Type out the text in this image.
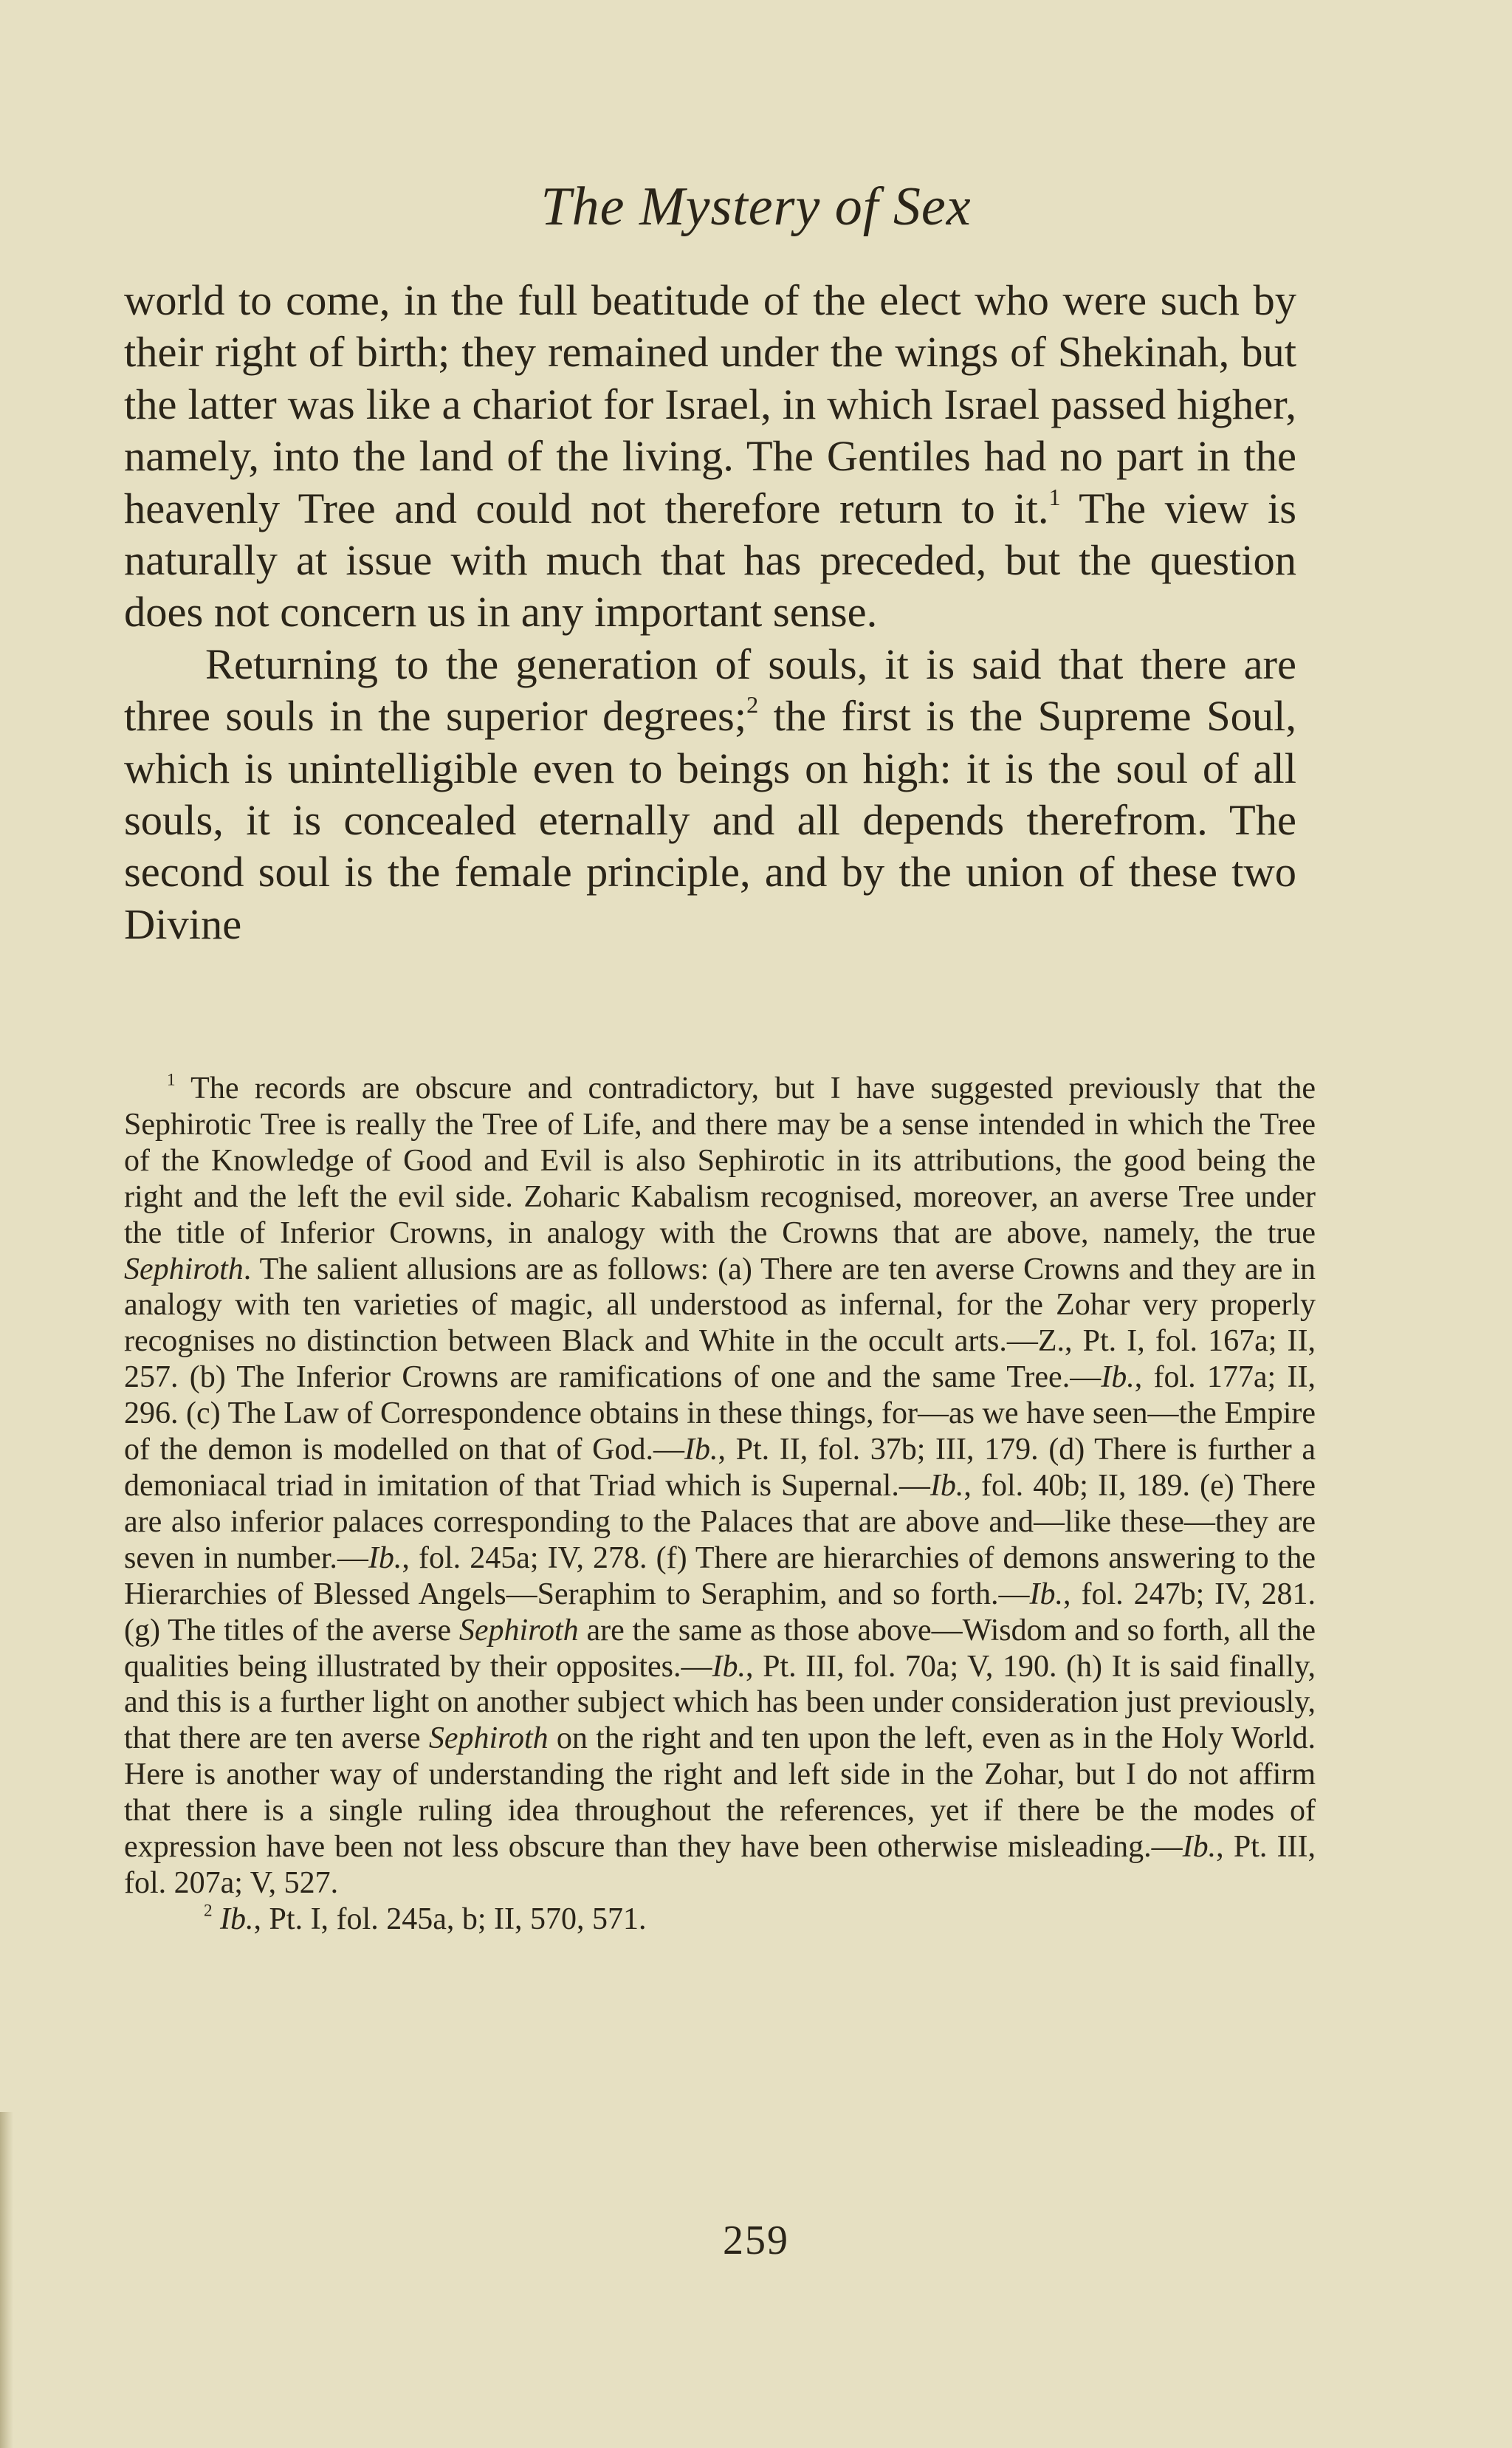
The Mystery of Sex

world to come, in the full beatitude of the elect who were such by their right of birth; they remained under the wings of Shekinah, but the latter was like a chariot for Israel, in which Israel passed higher, namely, into the land of the living. The Gentiles had no part in the heavenly Tree and could not therefore return to it.$^1$ The view is naturally at issue with much that has preceded, but the question does not concern us in any important sense.

Returning to the generation of souls, it is said that there are three souls in the superior degrees;$^2$ the first is the Supreme Soul, which is unintelligible even to beings on high: it is the soul of all souls, it is concealed eternally and all depends therefrom. The second soul is the female principle, and by the union of these two Divine

$^1$ The records are obscure and contradictory, but I have suggested previously that the Sephirotic Tree is really the Tree of Life, and there may be a sense intended in which the Tree of the Knowledge of Good and Evil is also Sephirotic in its attributions, the good being the right and the left the evil side. Zoharic Kabalism recognised, moreover, an averse Tree under the title of Inferior Crowns, in analogy with the Crowns that are above, namely, the true Sephiroth. The salient allusions are as follows: (a) There are ten averse Crowns and they are in analogy with ten varieties of magic, all understood as infernal, for the Zohar very properly recognises no distinction between Black and White in the occult arts.—Z., Pt. I, fol. 167a; II, 257. (b) The Inferior Crowns are ramifications of one and the same Tree.—Ib., fol. 177a; II, 296. (c) The Law of Correspondence obtains in these things, for—as we have seen—the Empire of the demon is modelled on that of God.—Ib., Pt. II, fol. 37b; III, 179. (d) There is further a demoniacal triad in imitation of that Triad which is Supernal.—Ib., fol. 40b; II, 189. (e) There are also inferior palaces corresponding to the Palaces that are above and—like these—they are seven in number.—Ib., fol. 245a; IV, 278. (f) There are hierarchies of demons answering to the Hierarchies of Blessed Angels—Seraphim to Seraphim, and so forth.—Ib., fol. 247b; IV, 281. (g) The titles of the averse Sephiroth are the same as those above—Wisdom and so forth, all the qualities being illustrated by their opposites.—Ib., Pt. III, fol. 70a; V, 190. (h) It is said finally, and this is a further light on another subject which has been under consideration just previously, that there are ten averse Sephiroth on the right and ten upon the left, even as in the Holy World. Here is another way of understanding the right and left side in the Zohar, but I do not affirm that there is a single ruling idea throughout the references, yet if there be the modes of expression have been not less obscure than they have been otherwise misleading.—Ib., Pt. III, fol. 207a; V, 527.

$^2$ Ib., Pt. I, fol. 245a, b; II, 570, 571.

259
